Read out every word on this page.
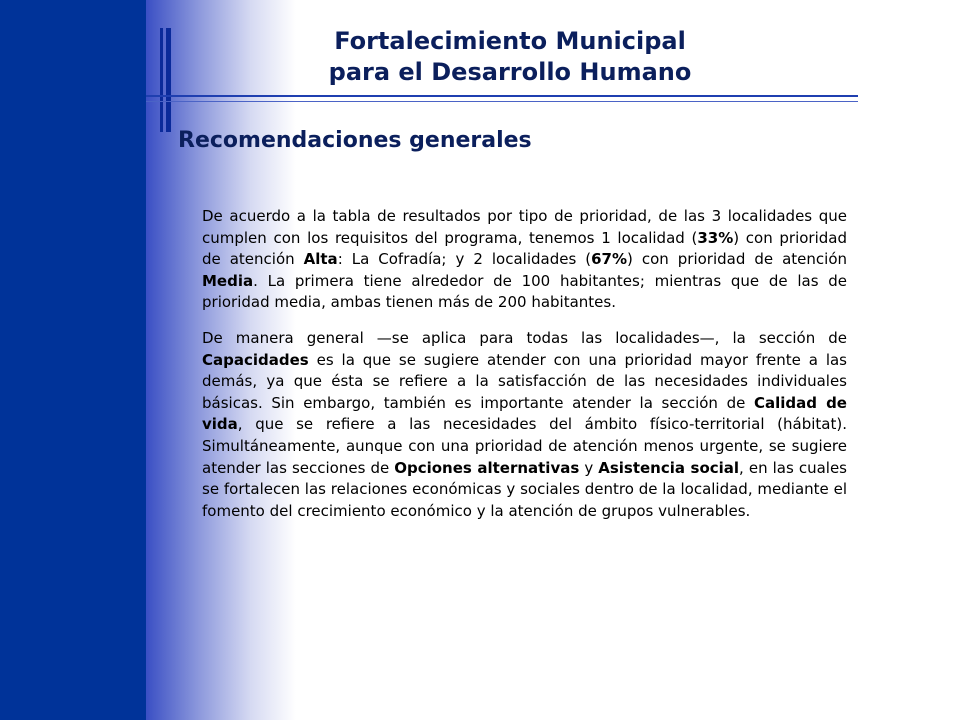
Fortalecimiento Municipal
para el Desarrollo Humano
Recomendaciones generales

De acuerdo a la tabla de resultados por tipo de prioridad, de las 3 localidades que cumplen con los requisitos del programa, tenemos 1 localidad (33%) con prioridad de atención Alta: La Cofradía; y 2 localidades (67%) con prioridad de atención Media. La primera tiene alrededor de 100 habitantes; mientras que de las de prioridad media, ambas tienen más de 200 habitantes.

De manera general —se aplica para todas las localidades—, la sección de Capacidades es la que se sugiere atender con una prioridad mayor frente a las demás, ya que ésta se refiere a la satisfacción de las necesidades individuales básicas. Sin embargo, también es importante atender la sección de Calidad de vida, que se refiere a las necesidades del ámbito físico-territorial (hábitat). Simultáneamente, aunque con una prioridad de atención menos urgente, se sugiere atender las secciones de Opciones alternativas y Asistencia social, en las cuales se fortalecen las relaciones económicas y sociales dentro de la localidad, mediante el fomento del crecimiento económico y la atención de grupos vulnerables.
